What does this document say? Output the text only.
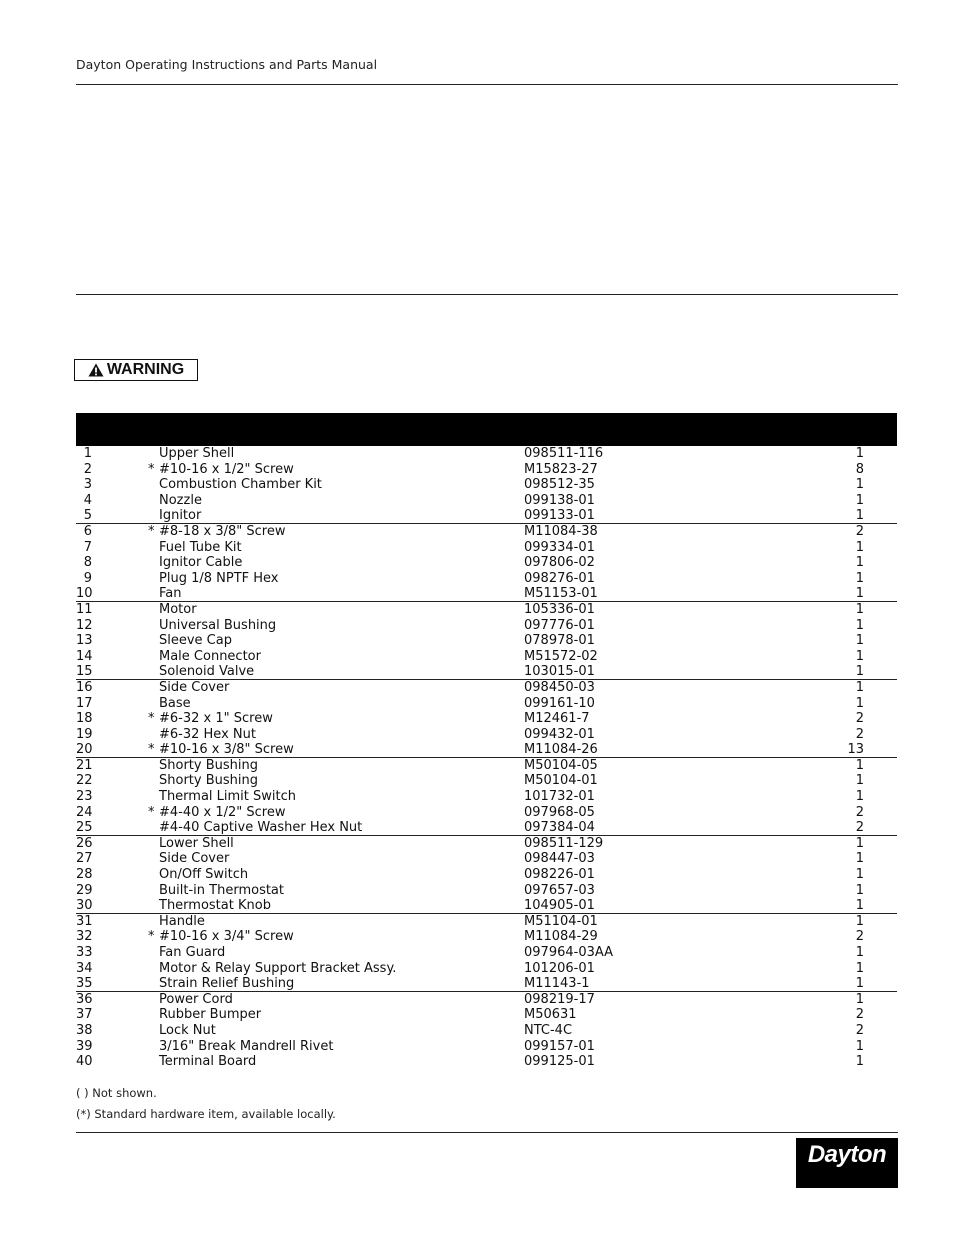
Dayton Operating Instructions and Parts Manual
WARNING
1	Upper Shell	098511-116	1
2	* #10-16 x 1/2" Screw	M15823-27	8
3	Combustion Chamber Kit	098512-35	1
4	Nozzle	099138-01	1
5	Ignitor	099133-01	1
6	* #8-18 x 3/8" Screw	M11084-38	2
7	Fuel Tube Kit	099334-01	1
8	Ignitor Cable	097806-02	1
9	Plug 1/8 NPTF Hex	098276-01	1
10	Fan	M51153-01	1
11	Motor	105336-01	1
12	Universal Bushing	097776-01	1
13	Sleeve Cap	078978-01	1
14	Male Connector	M51572-02	1
15	Solenoid Valve	103015-01	1
16	Side Cover	098450-03	1
17	Base	099161-10	1
18	* #6-32 x 1" Screw	M12461-7	2
19	#6-32 Hex Nut	099432-01	2
20	* #10-16 x 3/8" Screw	M11084-26	13
21	Shorty Bushing	M50104-05	1
22	Shorty Bushing	M50104-01	1
23	Thermal Limit Switch	101732-01	1
24	* #4-40 x 1/2" Screw	097968-05	2
25	#4-40 Captive Washer Hex Nut	097384-04	2
26	Lower Shell	098511-129	1
27	Side Cover	098447-03	1
28	On/Off Switch	098226-01	1
29	Built-in Thermostat	097657-03	1
30	Thermostat Knob	104905-01	1
31	Handle	M51104-01	1
32	* #10-16 x 3/4" Screw	M11084-29	2
33	Fan Guard	097964-03AA	1
34	Motor & Relay Support Bracket Assy.	101206-01	1
35	Strain Relief Bushing	M11143-1	1
36	Power Cord	098219-17	1
37	Rubber Bumper	M50631	2
38	Lock Nut	NTC-4C	2
39	3/16" Break Mandrell Rivet	099157-01	1
40	Terminal Board	099125-01	1
( ) Not shown.
(*) Standard hardware item, available locally.
Dayton
